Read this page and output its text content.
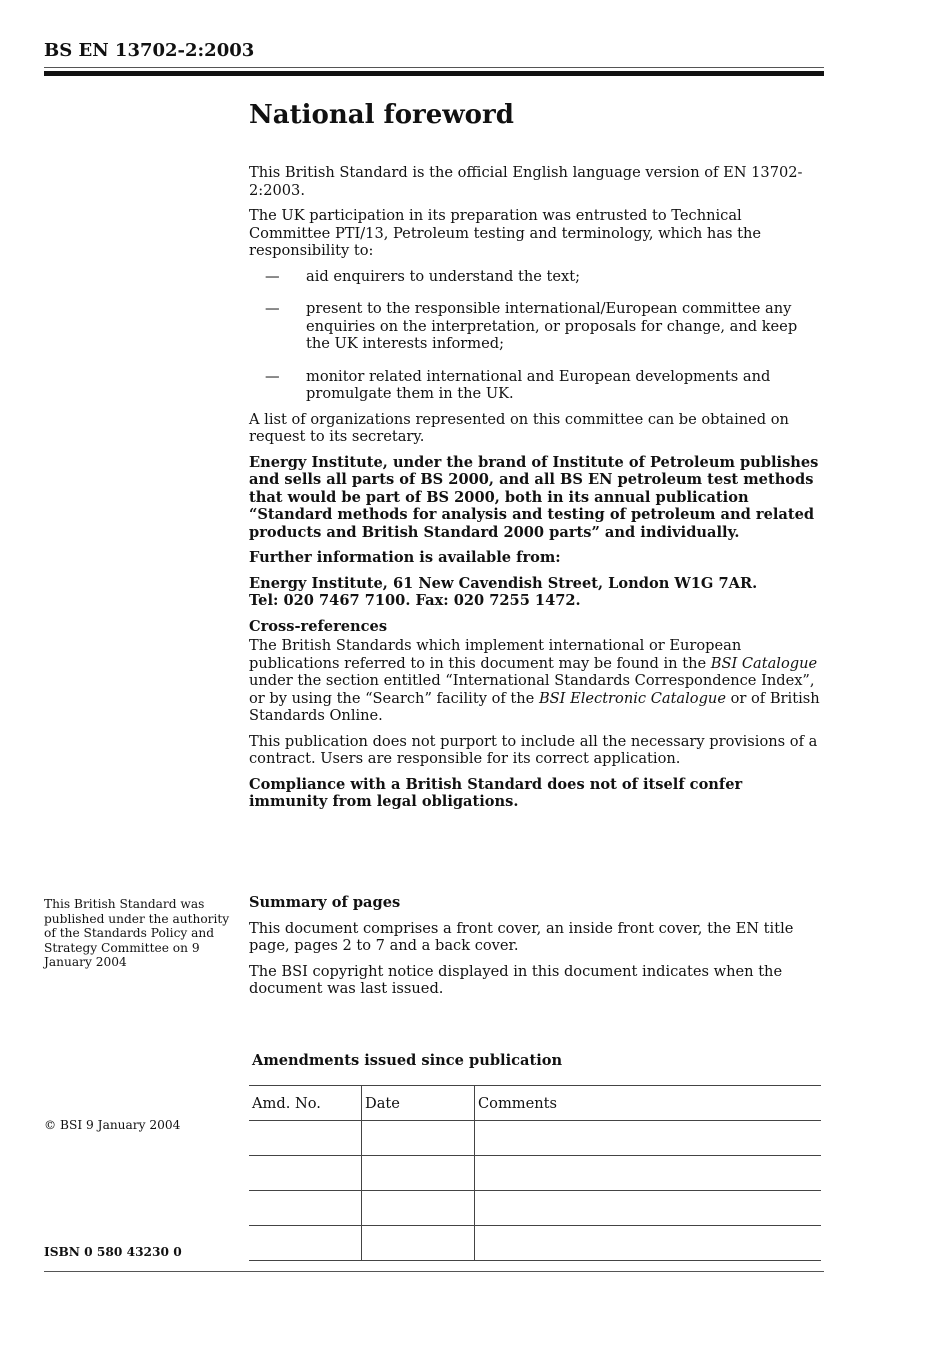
BS EN 13702-2:2003
National foreword

This British Standard is the official English language version of EN 13702-2:2003.

The UK participation in its preparation was entrusted to Technical Committee PTI/13, Petroleum testing and terminology, which has the responsibility to:

— aid enquirers to understand the text;
— present to the responsible international/European committee any enquiries on the interpretation, or proposals for change, and keep the UK interests informed;
— monitor related international and European developments and promulgate them in the UK.

A list of organizations represented on this committee can be obtained on request to its secretary.

Energy Institute, under the brand of Institute of Petroleum publishes and sells all parts of BS 2000, and all BS EN petroleum test methods that would be part of BS 2000, both in its annual publication “Standard methods for analysis and testing of petroleum and related products and British Standard 2000 parts” and individually.

Further information is available from:

Energy Institute, 61 New Cavendish Street, London W1G 7AR.
Tel: 020 7467 7100. Fax: 020 7255 1472.

Cross-references

The British Standards which implement international or European publications referred to in this document may be found in the BSI Catalogue under the section entitled “International Standards Correspondence Index”, or by using the “Search” facility of the BSI Electronic Catalogue or of British Standards Online.

This publication does not purport to include all the necessary provisions of a contract. Users are responsible for its correct application.

Compliance with a British Standard does not of itself confer immunity from legal obligations.

This British Standard was published under the authority of the Standards Policy and Strategy Committee on 9 January 2004

Summary of pages

This document comprises a front cover, an inside front cover, the EN title page, pages 2 to 7 and a back cover.

The BSI copyright notice displayed in this document indicates when the document was last issued.

Amendments issued since publication
Amd. No.	Date	Comments

© BSI 9 January 2004
ISBN 0 580 43230 0
